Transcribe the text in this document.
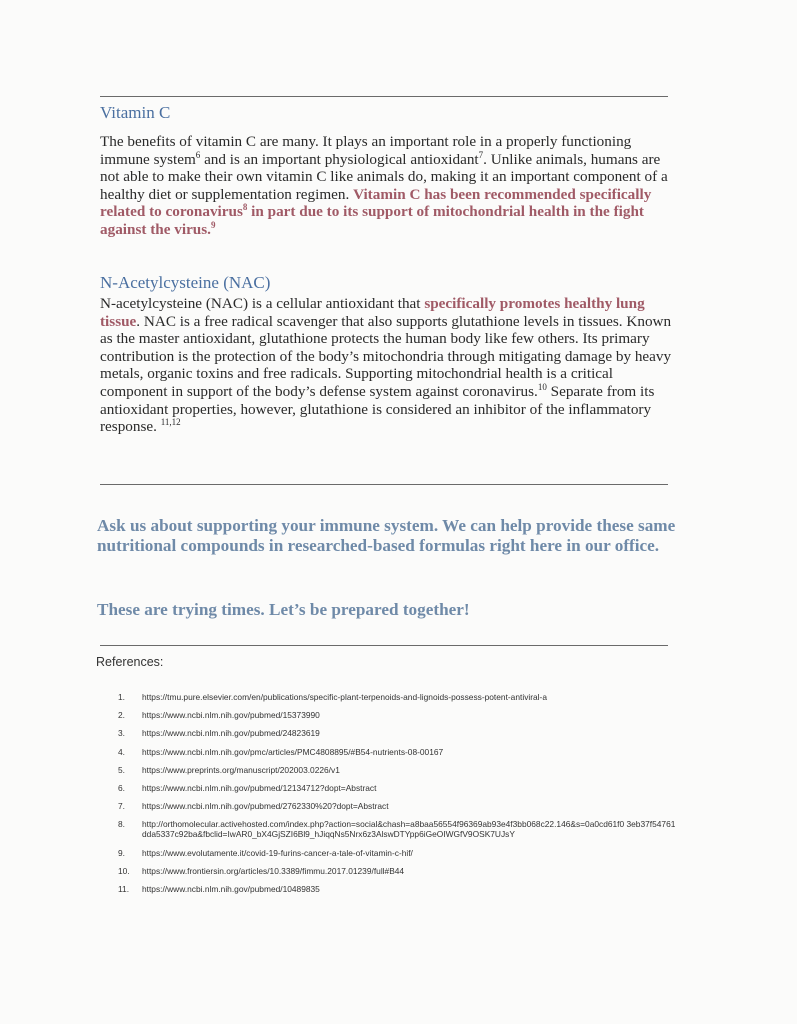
Vitamin C
The benefits of vitamin C are many. It plays an important role in a properly functioning immune system$^6$ and is an important physiological antioxidant$^7$. Unlike animals, humans are not able to make their own vitamin C like animals do, making it an important component of a healthy diet or supplementation regimen. Vitamin C has been recommended specifically related to coronavirus$^8$ in part due to its support of mitochondrial health in the fight against the virus.$^9$
N-Acetylcysteine (NAC)
N-acetylcysteine (NAC) is a cellular antioxidant that specifically promotes healthy lung tissue. NAC is a free radical scavenger that also supports glutathione levels in tissues. Known as the master antioxidant, glutathione protects the human body like few others. Its primary contribution is the protection of the body’s mitochondria through mitigating damage by heavy metals, organic toxins and free radicals. Supporting mitochondrial health is a critical component in support of the body’s defense system against coronavirus.$^{10}$ Separate from its antioxidant properties, however, glutathione is considered an inhibitor of the inflammatory response. $^{11,12}$
Ask us about supporting your immune system. We can help provide these same nutritional compounds in researched-based formulas right here in our office.
These are trying times. Let’s be prepared together!
References:
1.	https://tmu.pure.elsevier.com/en/publications/specific-plant-terpenoids-and-lignoids-possess-potent-antiviral-a
2.	https://www.ncbi.nlm.nih.gov/pubmed/15373990
3.	https://www.ncbi.nlm.nih.gov/pubmed/24823619
4.	https://www.ncbi.nlm.nih.gov/pmc/articles/PMC4808895/#B54-nutrients-08-00167
5.	https://www.preprints.org/manuscript/202003.0226/v1
6.	https://www.ncbi.nlm.nih.gov/pubmed/12134712?dopt=Abstract
7.	https://www.ncbi.nlm.nih.gov/pubmed/2762330%20?dopt=Abstract
8.	http://orthomolecular.activehosted.com/index.php?action=social&chash=a8baa56554f96369ab93e4f3bb068c22.146&s=0a0cd61f0 3eb37f54761dda5337c92ba&fbclid=IwAR0_bX4GjSZI6Bl9_hJiqqNs5Nrx6z3AlswDTYpp6iGeOIWGfV9OSK7UJsY
9.	https://www.evolutamente.it/covid-19-furins-cancer-a-tale-of-vitamin-c-hif/
10.	https://www.frontiersin.org/articles/10.3389/fimmu.2017.01239/full#B44
11.	https://www.ncbi.nlm.nih.gov/pubmed/10489835
